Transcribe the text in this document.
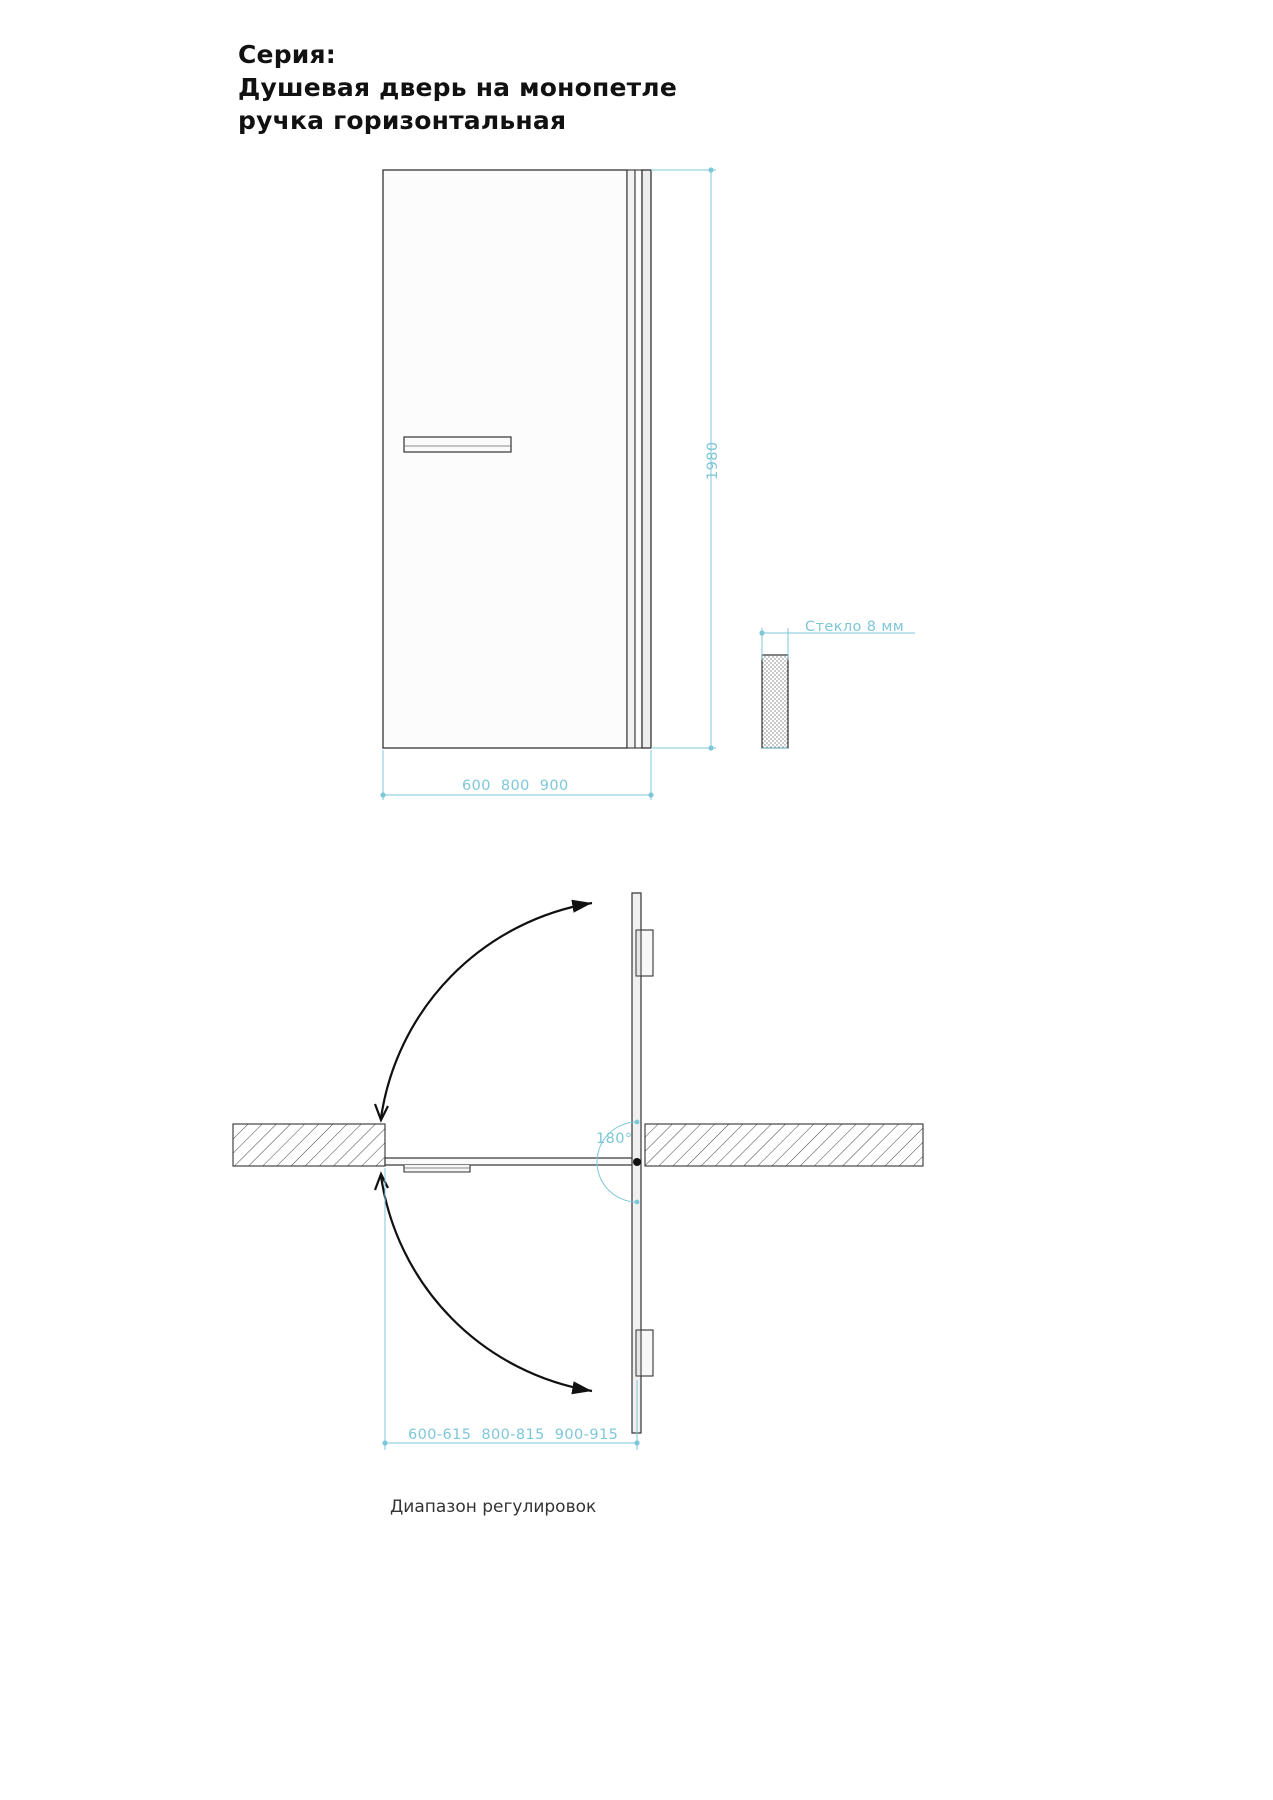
Серия:
Душевая дверь на монопетле
ручка горизонтальная
1980
600  800  900
Стекло 8 мм
180°
600-615  800-815  900-915
Диапазон регулировок
